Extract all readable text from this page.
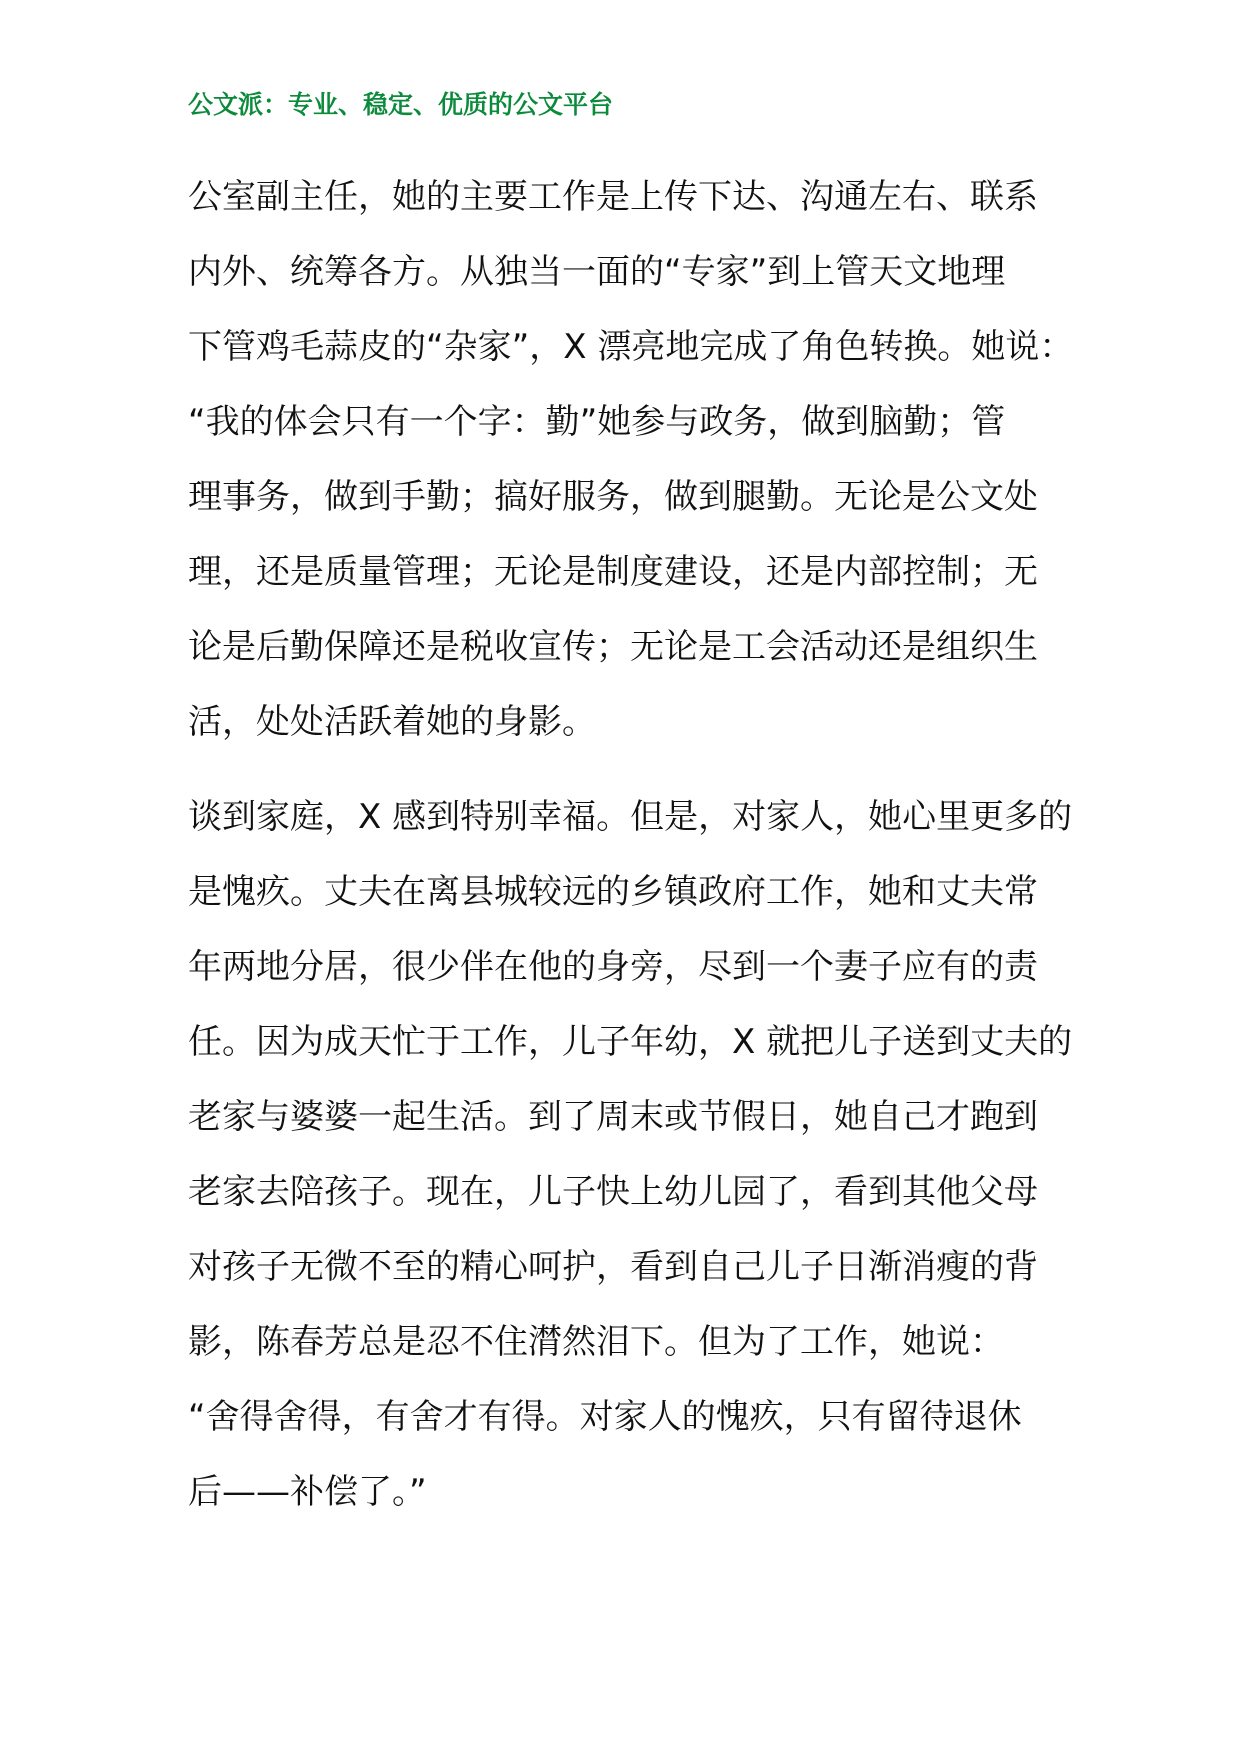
公文派：专业、稳定、优质的公文平台
公室副主任，她的主要工作是上传下达、沟通左右、联系
内外、统筹各方。从独当一面的“专家”到上管天文地理
下管鸡毛蒜皮的“杂家”，X 漂亮地完成了角色转换。她说：
“我的体会只有一个字：勤”她参与政务，做到脑勤；管
理事务，做到手勤；搞好服务，做到腿勤。无论是公文处
理，还是质量管理；无论是制度建设，还是内部控制；无
论是后勤保障还是税收宣传；无论是工会活动还是组织生
活，处处活跃着她的身影。
谈到家庭，X 感到特别幸福。但是，对家人，她心里更多的
是愧疚。丈夫在离县城较远的乡镇政府工作，她和丈夫常
年两地分居，很少伴在他的身旁，尽到一个妻子应有的责
任。因为成天忙于工作，儿子年幼，X 就把儿子送到丈夫的
老家与婆婆一起生活。到了周末或节假日，她自己才跑到
老家去陪孩子。现在，儿子快上幼儿园了，看到其他父母
对孩子无微不至的精心呵护，看到自己儿子日渐消瘦的背
影，陈春芳总是忍不住潸然泪下。但为了工作，她说：
“舍得舍得，有舍才有得。对家人的愧疚，只有留待退休
后——补偿了。”
